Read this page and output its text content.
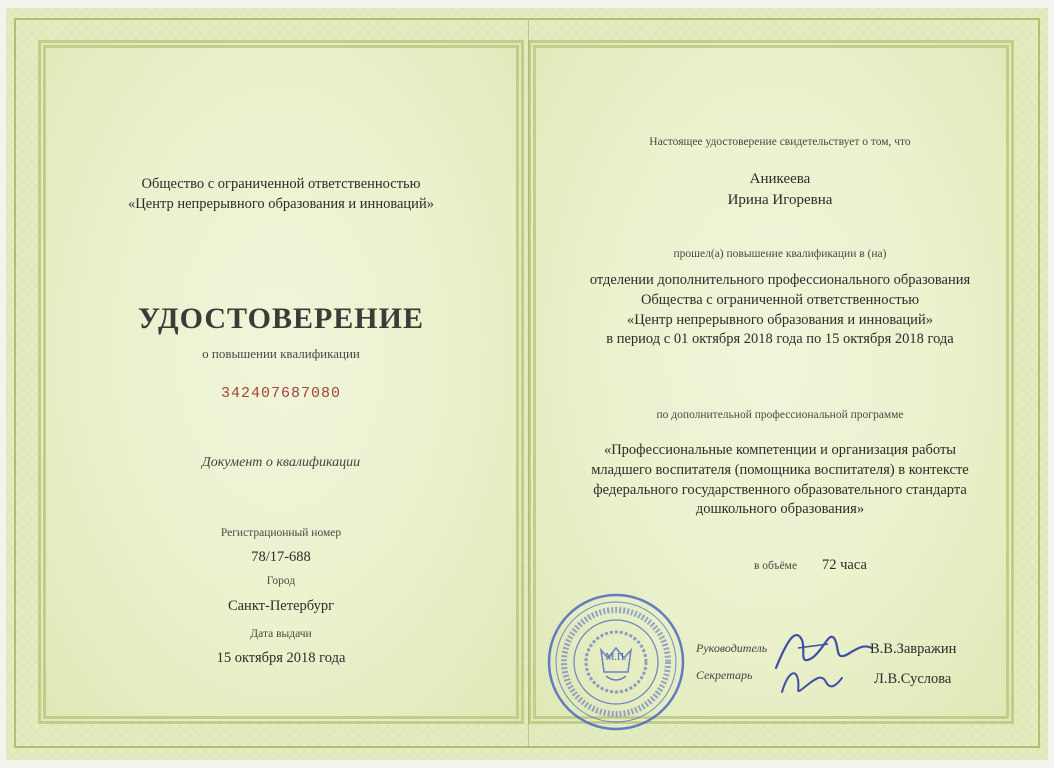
Общество с ограниченной ответственностью
«Центр непрерывного образования и инноваций»
УДОСТОВЕРЕНИЕ
о повышении квалификации
342407687080
Документ о квалификации
Регистрационный номер
78/17-688
Город
Санкт-Петербург
Дата выдачи
15 октября 2018 года
Настоящее удостоверение свидетельствует о том, что
Аникеева
Ирина Игоревна
прошел(а) повышение квалификации в (на)
отделении дополнительного профессионального образования
Общества с ограниченной ответственностью
«Центр непрерывного образования и инноваций»
в период с 01 октября 2018 года по 15 октября 2018 года
по дополнительной профессиональной программе
«Профессиональные компетенции и организация работы
младшего воспитателя (помощника воспитателя) в контексте
федерального государственного образовательного стандарта
дошкольного образования»
в объёме 72 часа
М.П.
Руководитель	В.В.Завражин
Секретарь	Л.В.Суслова
